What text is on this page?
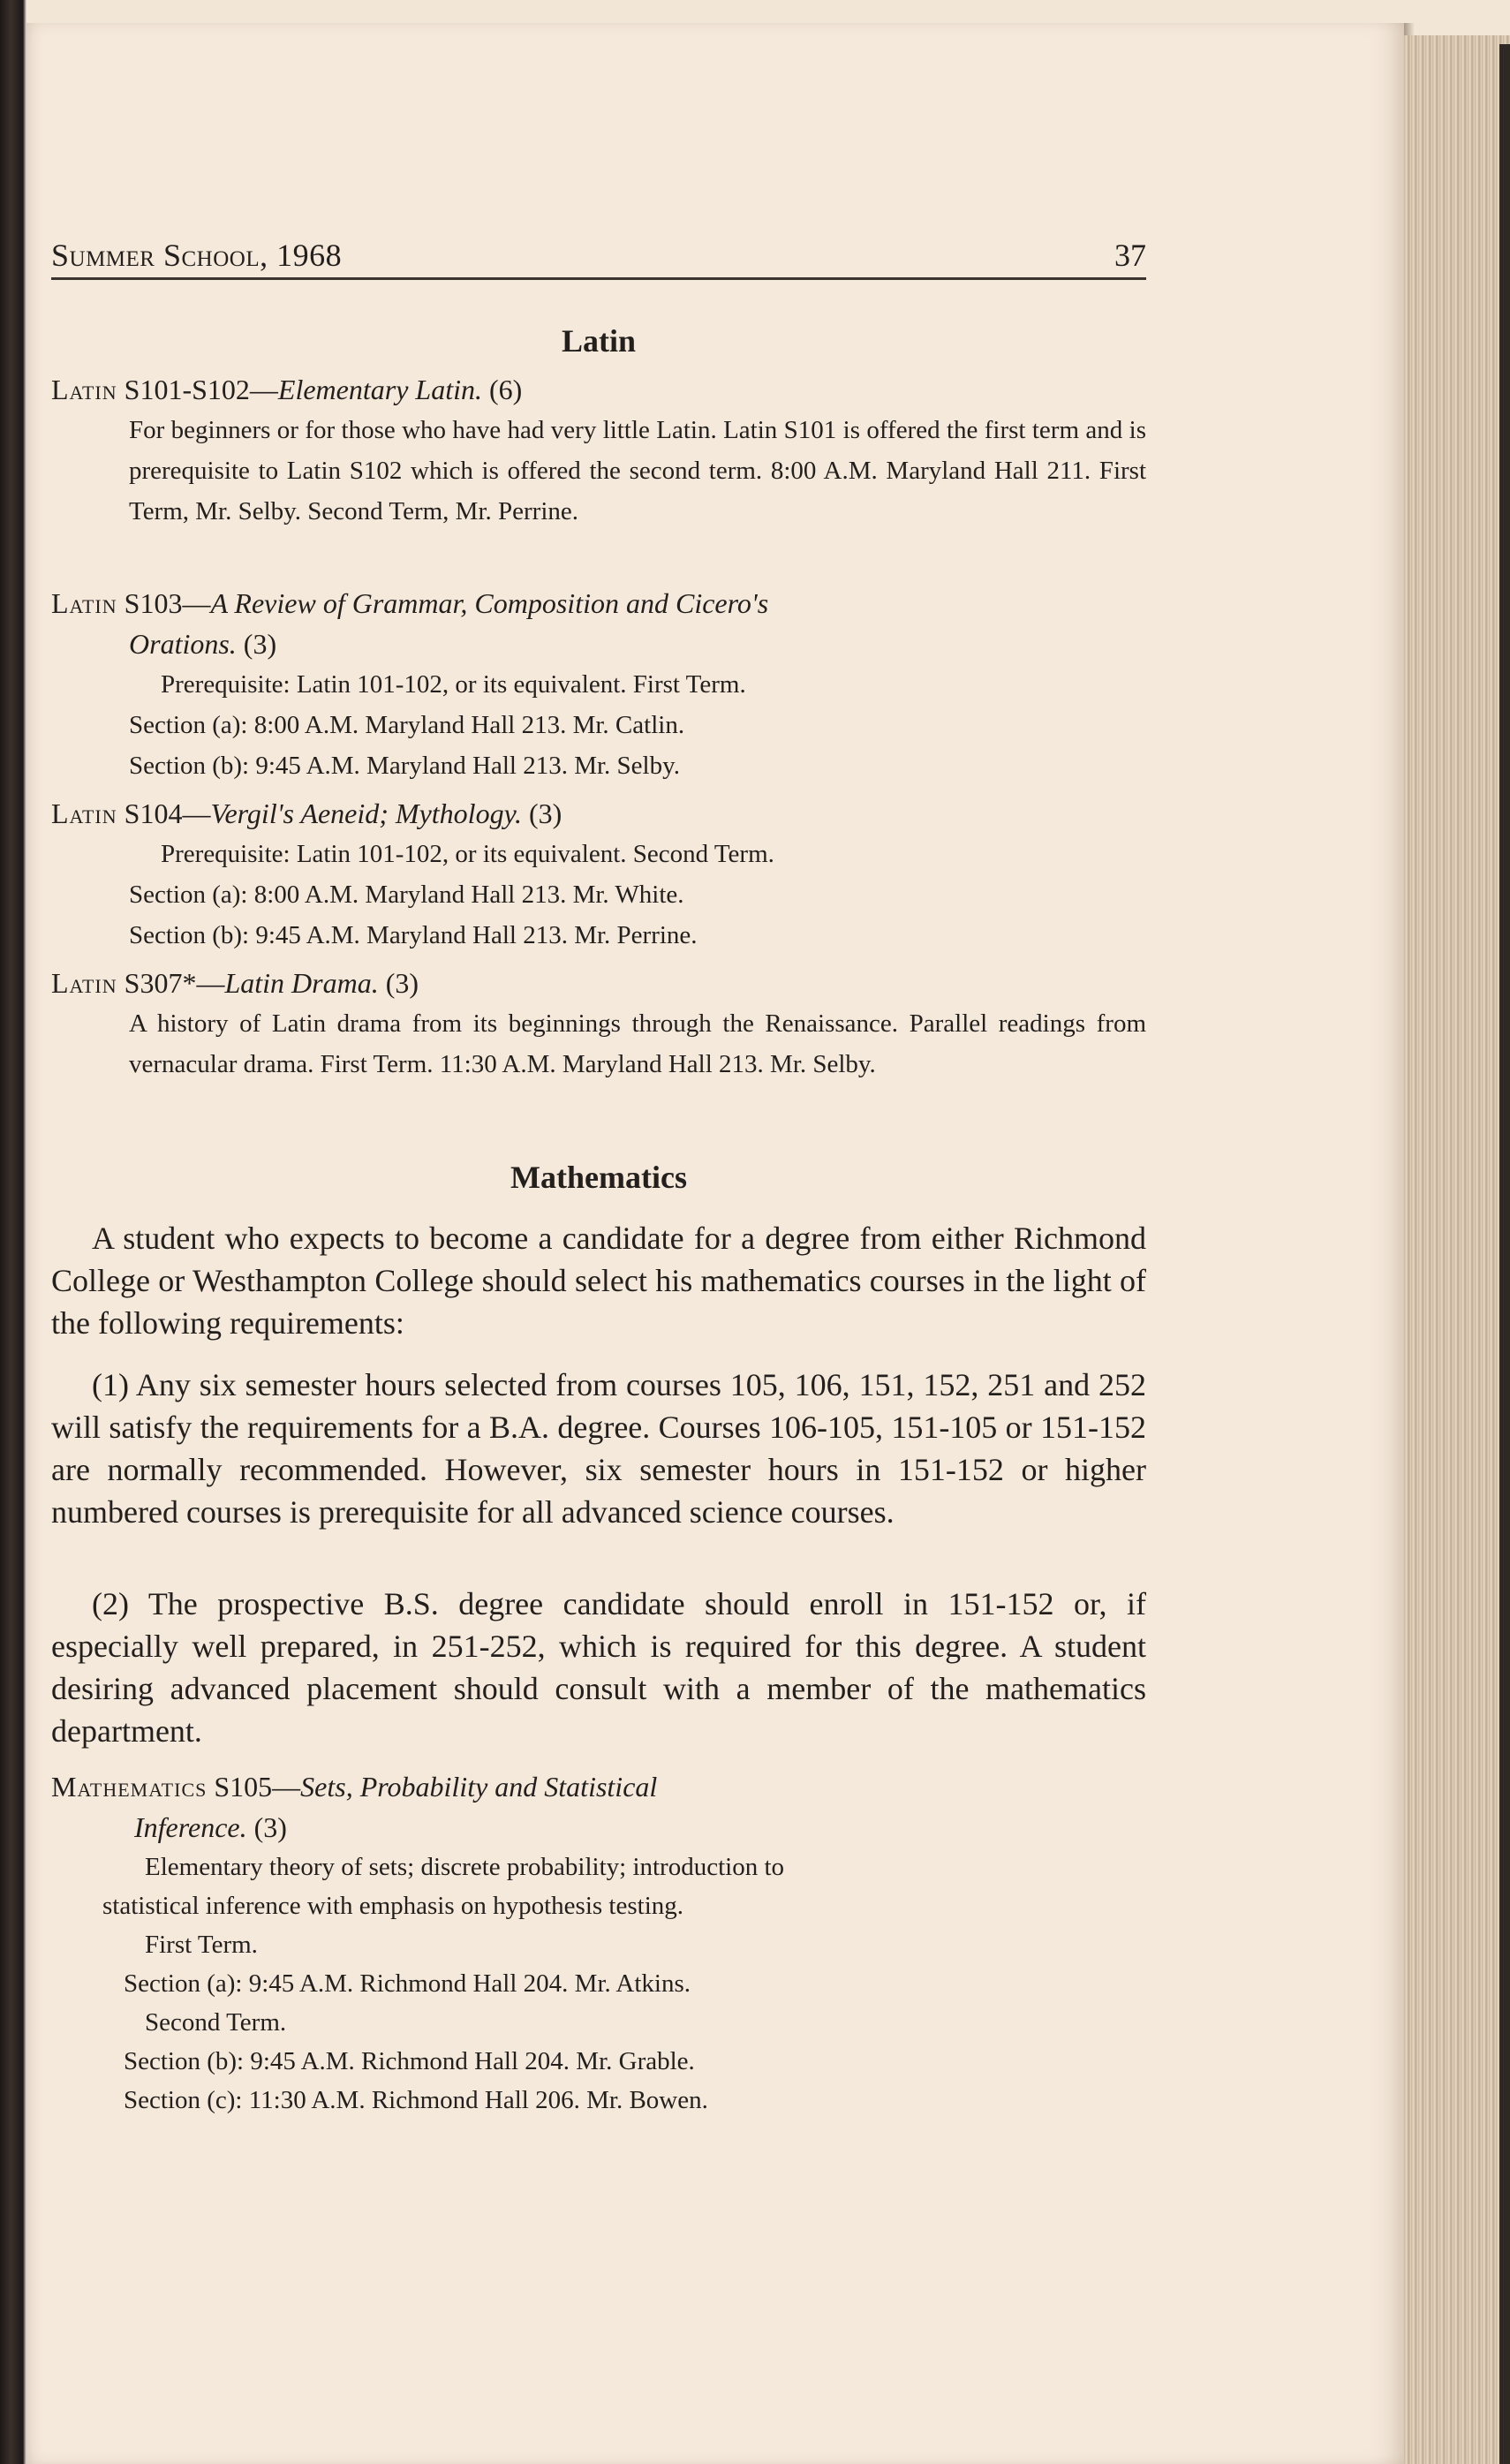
Summer School, 1968	37
Latin

Latin S101-S102—Elementary Latin. (6)

For beginners or for those who have had very little Latin. Latin S101 is offered the first term and is prerequisite to Latin S102 which is offered the second term. 8:00 A.M. Maryland Hall 211. First Term, Mr. Selby. Second Term, Mr. Perrine.

Latin S103—A Review of Grammar, Composition and Cicero's

Orations. (3)

Prerequisite: Latin 101-102, or its equivalent. First Term.

Section (a): 8:00 A.M. Maryland Hall 213. Mr. Catlin.

Section (b): 9:45 A.M. Maryland Hall 213. Mr. Selby.

Latin S104—Vergil's Aeneid; Mythology. (3)

Prerequisite: Latin 101-102, or its equivalent. Second Term.

Section (a): 8:00 A.M. Maryland Hall 213. Mr. White.

Section (b): 9:45 A.M. Maryland Hall 213. Mr. Perrine.

Latin S307*—Latin Drama. (3)

A history of Latin drama from its beginnings through the Renaissance. Parallel readings from vernacular drama. First Term. 11:30 A.M. Maryland Hall 213. Mr. Selby.

Mathematics

A student who expects to become a candidate for a degree from either Richmond College or Westhampton College should select his mathematics courses in the light of the following requirements:

(1) Any six semester hours selected from courses 105, 106, 151, 152, 251 and 252 will satisfy the requirements for a B.A. degree. Courses 106-105, 151-105 or 151-152 are normally recommended. However, six semester hours in 151-152 or higher numbered courses is prerequisite for all advanced science courses.

(2) The prospective B.S. degree candidate should enroll in 151-152 or, if especially well prepared, in 251-252, which is required for this degree. A student desiring advanced placement should consult with a member of the mathematics department.

Mathematics S105—Sets, Probability and Statistical

Inference. (3)

Elementary theory of sets; discrete probability; introduction to

statistical inference with emphasis on hypothesis testing.

First Term.

Section (a): 9:45 A.M. Richmond Hall 204. Mr. Atkins.

Second Term.

Section (b): 9:45 A.M. Richmond Hall 204. Mr. Grable.

Section (c): 11:30 A.M. Richmond Hall 206. Mr. Bowen.
